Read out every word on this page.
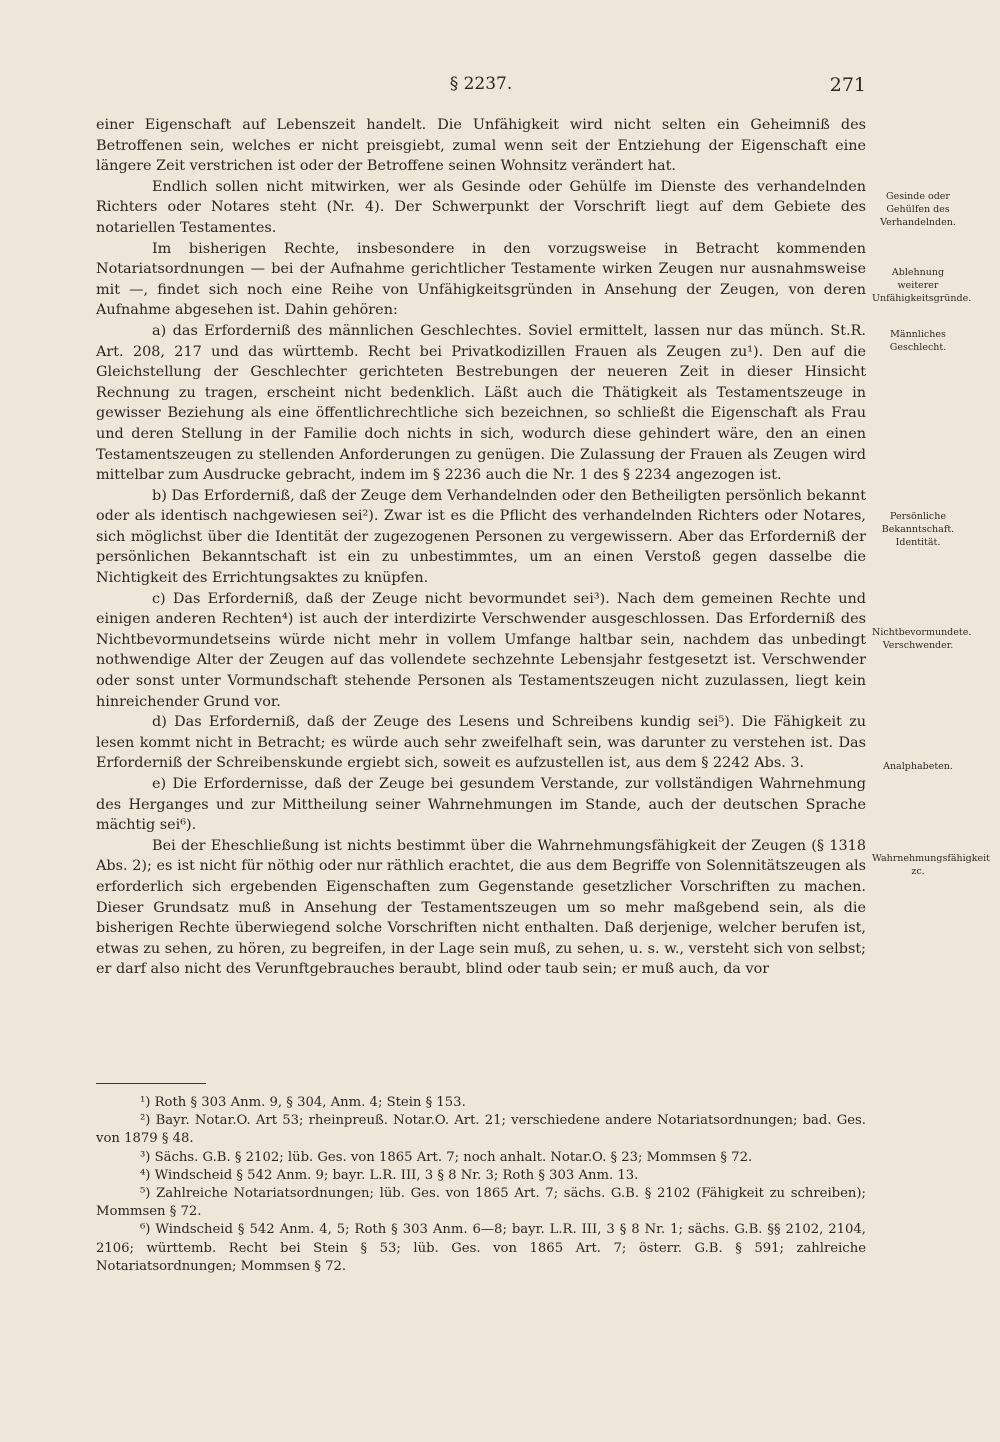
§ 2237.	271

einer Eigenschaft auf Lebenszeit handelt. Die Unfähigkeit wird nicht selten ein Geheimniß des Betroffenen sein, welches er nicht preisgiebt, zumal wenn seit der Entziehung der Eigenschaft eine längere Zeit verstrichen ist oder der Betroffene seinen Wohnsitz verändert hat.

Endlich sollen nicht mitwirken, wer als Gesinde oder Gehülfe im Dienste des verhandelnden Richters oder Notares steht (Nr. 4). Der Schwerpunkt der Vorschrift liegt auf dem Gebiete des notariellen Testamentes.

Im bisherigen Rechte, insbesondere in den vorzugsweise in Betracht kommenden Notariatsordnungen — bei der Aufnahme gerichtlicher Testamente wirken Zeugen nur ausnahmsweise mit —, findet sich noch eine Reihe von Unfähigkeitsgründen in Ansehung der Zeugen, von deren Aufnahme abgesehen ist. Dahin gehören:

a) das Erforderniß des männlichen Geschlechtes. Soviel ermittelt, lassen nur das münch. St.R. Art. 208, 217 und das württemb. Recht bei Privatkodizillen Frauen als Zeugen zu¹). Den auf die Gleichstellung der Geschlechter gerichteten Bestrebungen der neueren Zeit in dieser Hinsicht Rechnung zu tragen, erscheint nicht bedenklich. Läßt auch die Thätigkeit als Testamentszeuge in gewisser Beziehung als eine öffentlichrechtliche sich bezeichnen, so schließt die Eigenschaft als Frau und deren Stellung in der Familie doch nichts in sich, wodurch diese gehindert wäre, den an einen Testamentszeugen zu stellenden Anforderungen zu genügen. Die Zulassung der Frauen als Zeugen wird mittelbar zum Ausdrucke gebracht, indem im § 2236 auch die Nr. 1 des § 2234 angezogen ist.

b) Das Erforderniß, daß der Zeuge dem Verhandelnden oder den Betheiligten persönlich bekannt oder als identisch nachgewiesen sei²). Zwar ist es die Pflicht des verhandelnden Richters oder Notares, sich möglichst über die Identität der zugezogenen Personen zu vergewissern. Aber das Erforderniß der persönlichen Bekanntschaft ist ein zu unbestimmtes, um an einen Verstoß gegen dasselbe die Nichtigkeit des Errichtungsaktes zu knüpfen.

c) Das Erforderniß, daß der Zeuge nicht bevormundet sei³). Nach dem gemeinen Rechte und einigen anderen Rechten⁴) ist auch der interdizirte Verschwender ausgeschlossen. Das Erforderniß des Nichtbevormundetseins würde nicht mehr in vollem Umfange haltbar sein, nachdem das unbedingt nothwendige Alter der Zeugen auf das vollendete sechzehnte Lebensjahr festgesetzt ist. Verschwender oder sonst unter Vormundschaft stehende Personen als Testamentszeugen nicht zuzulassen, liegt kein hinreichender Grund vor.

d) Das Erforderniß, daß der Zeuge des Lesens und Schreibens kundig sei⁵). Die Fähigkeit zu lesen kommt nicht in Betracht; es würde auch sehr zweifelhaft sein, was darunter zu verstehen ist. Das Erforderniß der Schreibenskunde ergiebt sich, soweit es aufzustellen ist, aus dem § 2242 Abs. 3.

e) Die Erfordernisse, daß der Zeuge bei gesundem Verstande, zur vollständigen Wahrnehmung des Herganges und zur Mittheilung seiner Wahrnehmungen im Stande, auch der deutschen Sprache mächtig sei⁶).

Bei der Eheschließung ist nichts bestimmt über die Wahrnehmungsfähigkeit der Zeugen (§ 1318 Abs. 2); es ist nicht für nöthig oder nur räthlich erachtet, die aus dem Begriffe von Solennitätszeugen als erforderlich sich ergebenden Eigenschaften zum Gegenstande gesetzlicher Vorschriften zu machen. Dieser Grundsatz muß in Ansehung der Testamentszeugen um so mehr maßgebend sein, als die bisherigen Rechte überwiegend solche Vorschriften nicht enthalten. Daß derjenige, welcher berufen ist, etwas zu sehen, zu hören, zu begreifen, in der Lage sein muß, zu sehen, u. s. w., versteht sich von selbst; er darf also nicht des Verunftgebrauches beraubt, blind oder taub sein; er muß auch, da vor

Gesinde oder Gehülfen des Verhandelnden.
Ablehnung weiterer Unfähigkeitsgründe.
Männliches Geschlecht.
Persönliche Bekanntschaft. Identität.
Nichtbevormundete. Verschwender.
Analphabeten.
Wahrnehmungsfähigkeit zc.

¹) Roth § 303 Anm. 9, § 304, Anm. 4; Stein § 153.

²) Bayr. Notar.O. Art 53; rheinpreuß. Notar.O. Art. 21; verschiedene andere Notariatsordnungen; bad. Ges. von 1879 § 48.

³) Sächs. G.B. § 2102; lüb. Ges. von 1865 Art. 7; noch anhalt. Notar.O. § 23; Mommsen § 72.

⁴) Windscheid § 542 Anm. 9; bayr. L.R. III, 3 § 8 Nr. 3; Roth § 303 Anm. 13.

⁵) Zahlreiche Notariatsordnungen; lüb. Ges. von 1865 Art. 7; sächs. G.B. § 2102 (Fähigkeit zu schreiben); Mommsen § 72.

⁶) Windscheid § 542 Anm. 4, 5; Roth § 303 Anm. 6—8; bayr. L.R. III, 3 § 8 Nr. 1; sächs. G.B. §§ 2102, 2104, 2106; württemb. Recht bei Stein § 53; lüb. Ges. von 1865 Art. 7; österr. G.B. § 591; zahlreiche Notariatsordnungen; Mommsen § 72.
